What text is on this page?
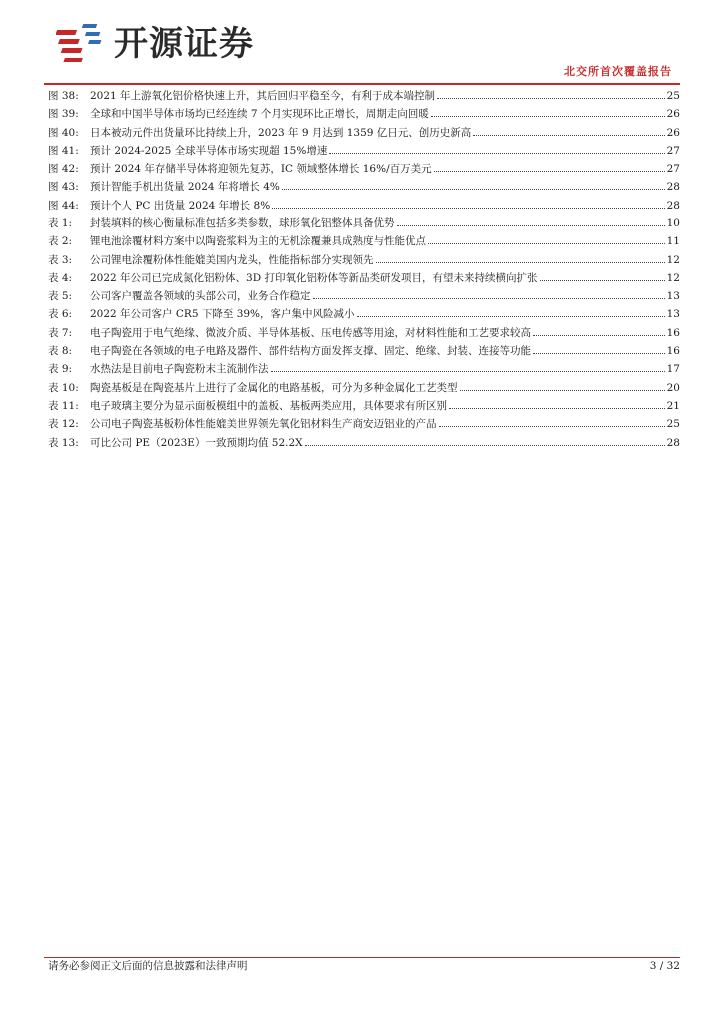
开源证券
北交所首次覆盖报告
图 38:	2021 年上游氧化铝价格快速上升，其后回归平稳至今，有利于成本端控制	25
图 39:	全球和中国半导体市场均已经连续 7 个月实现环比正增长，周期走向回暖	26
图 40:	日本被动元件出货量环比持续上升，2023 年 9 月达到 1359 亿日元、创历史新高	26
图 41:	预计 2024-2025 全球半导体市场实现超 15%增速	27
图 42:	预计 2024 年存储半导体将迎领先复苏，IC 领域整体增长 16%/百万美元	27
图 43:	预计智能手机出货量 2024 年将增长 4%	28
图 44:	预计个人 PC 出货量 2024 年增长 8%	28
表 1:	封装填料的核心衡量标准包括多类参数，球形氧化铝整体具备优势	10
表 2:	锂电池涂覆材料方案中以陶瓷浆料为主的无机涂覆兼具成熟度与性能优点	11
表 3:	公司锂电涂覆粉体性能媲美国内龙头，性能指标部分实现领先	12
表 4:	2022 年公司已完成氮化铝粉体、3D 打印氧化铝粉体等新品类研发项目，有望未来持续横向扩张	12
表 5:	公司客户覆盖各领域的头部公司，业务合作稳定	13
表 6:	2022 年公司客户 CR5 下降至 39%，客户集中风险减小	13
表 7:	电子陶瓷用于电气绝缘、微波介质、半导体基板、压电传感等用途，对材料性能和工艺要求较高	16
表 8:	电子陶瓷在各领域的电子电路及器件、部件结构方面发挥支撑、固定、绝缘、封装、连接等功能	16
表 9:	水热法是目前电子陶瓷粉末主流制作法	17
表 10:	陶瓷基板是在陶瓷基片上进行了金属化的电路基板，可分为多种金属化工艺类型	20
表 11:	电子玻璃主要分为显示面板模组中的盖板、基板两类应用，具体要求有所区别	21
表 12:	公司电子陶瓷基板粉体性能媲美世界领先氧化铝材料生产商安迈铝业的产品	25
表 13:	可比公司 PE（2023E）一致预期均值 52.2X	28
请务必参阅正文后面的信息披露和法律声明	3 / 32
